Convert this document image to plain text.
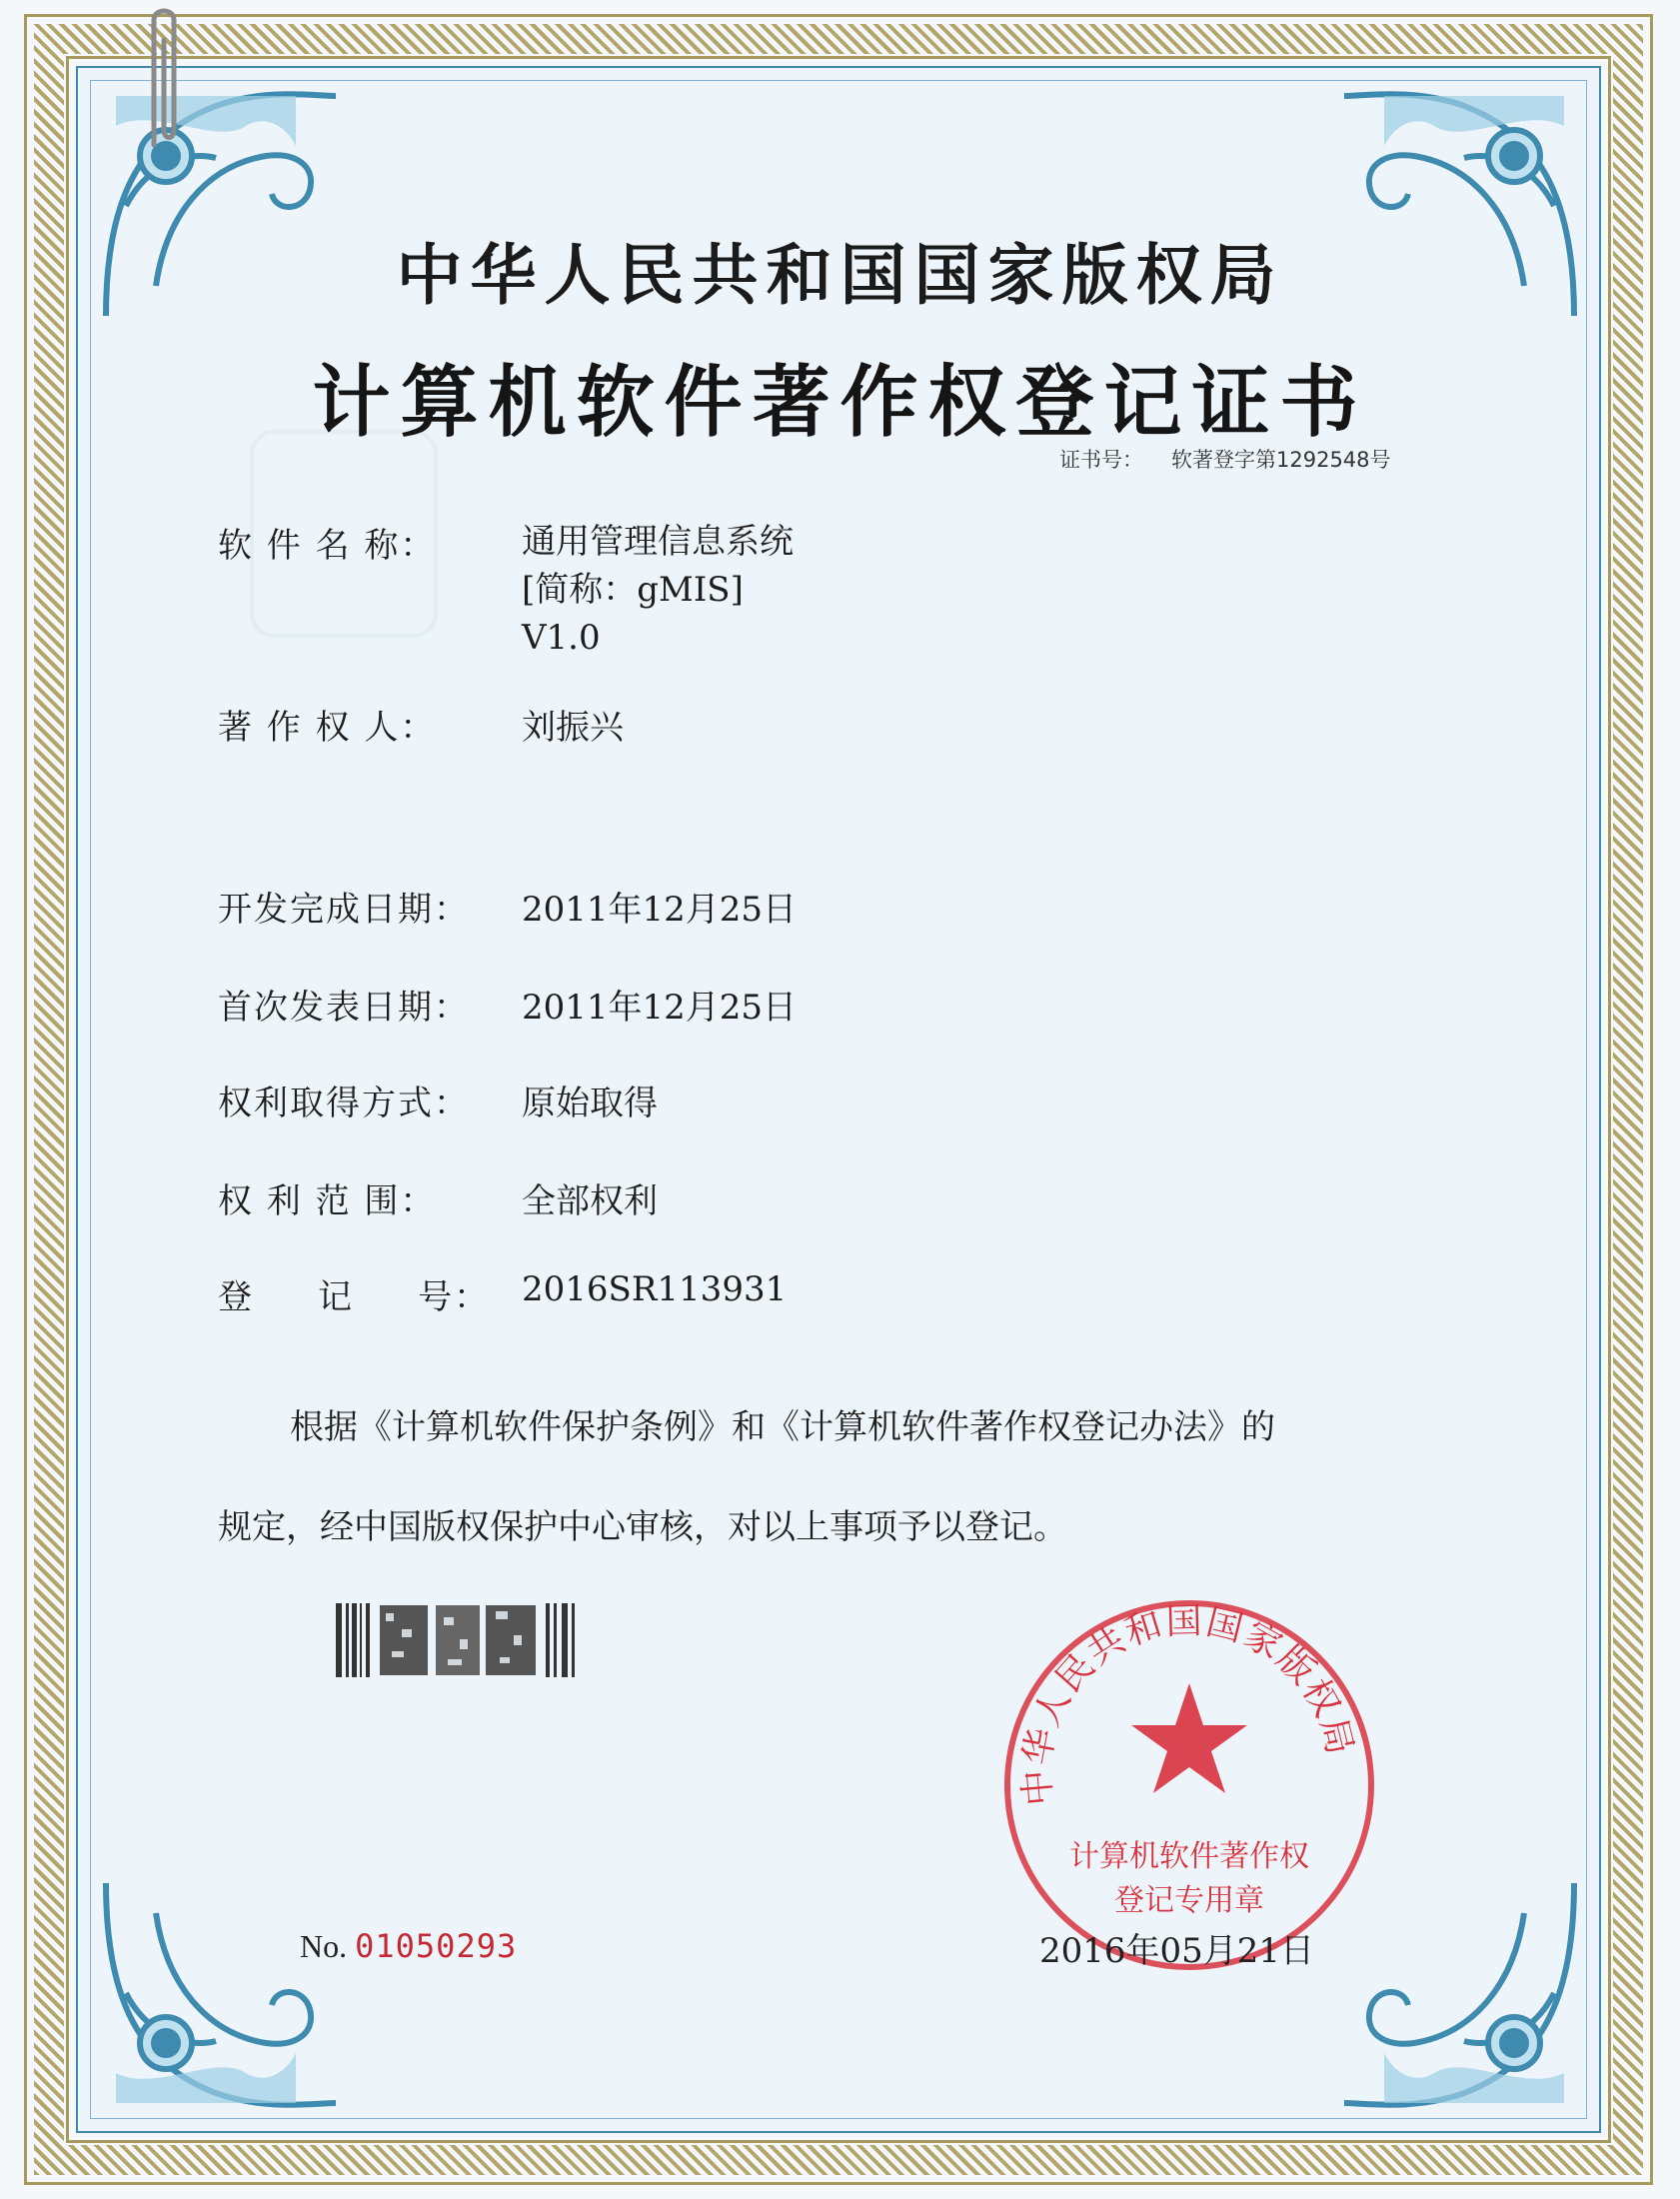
中华人民共和国国家版权局
计算机软件著作权登记证书
证书号： 软著登字第1292548号
软 件 名 称：	通用管理信息系统
[简称：gMIS]
V1.0
著 作 权 人：	刘振兴
开发完成日期： 2011年12月25日
首次发表日期： 2011年12月25日
权利取得方式： 原始取得
权 利 范 围：	全部权利
登     记     号： 2016SR113931
根据《计算机软件保护条例》和《计算机软件著作权登记办法》的
规定，经中国版权保护中心审核，对以上事项予以登记。
中华人民共和国国家版权局
计算机软件著作权
登记专用章
No. 01050293	2016年05月21日
